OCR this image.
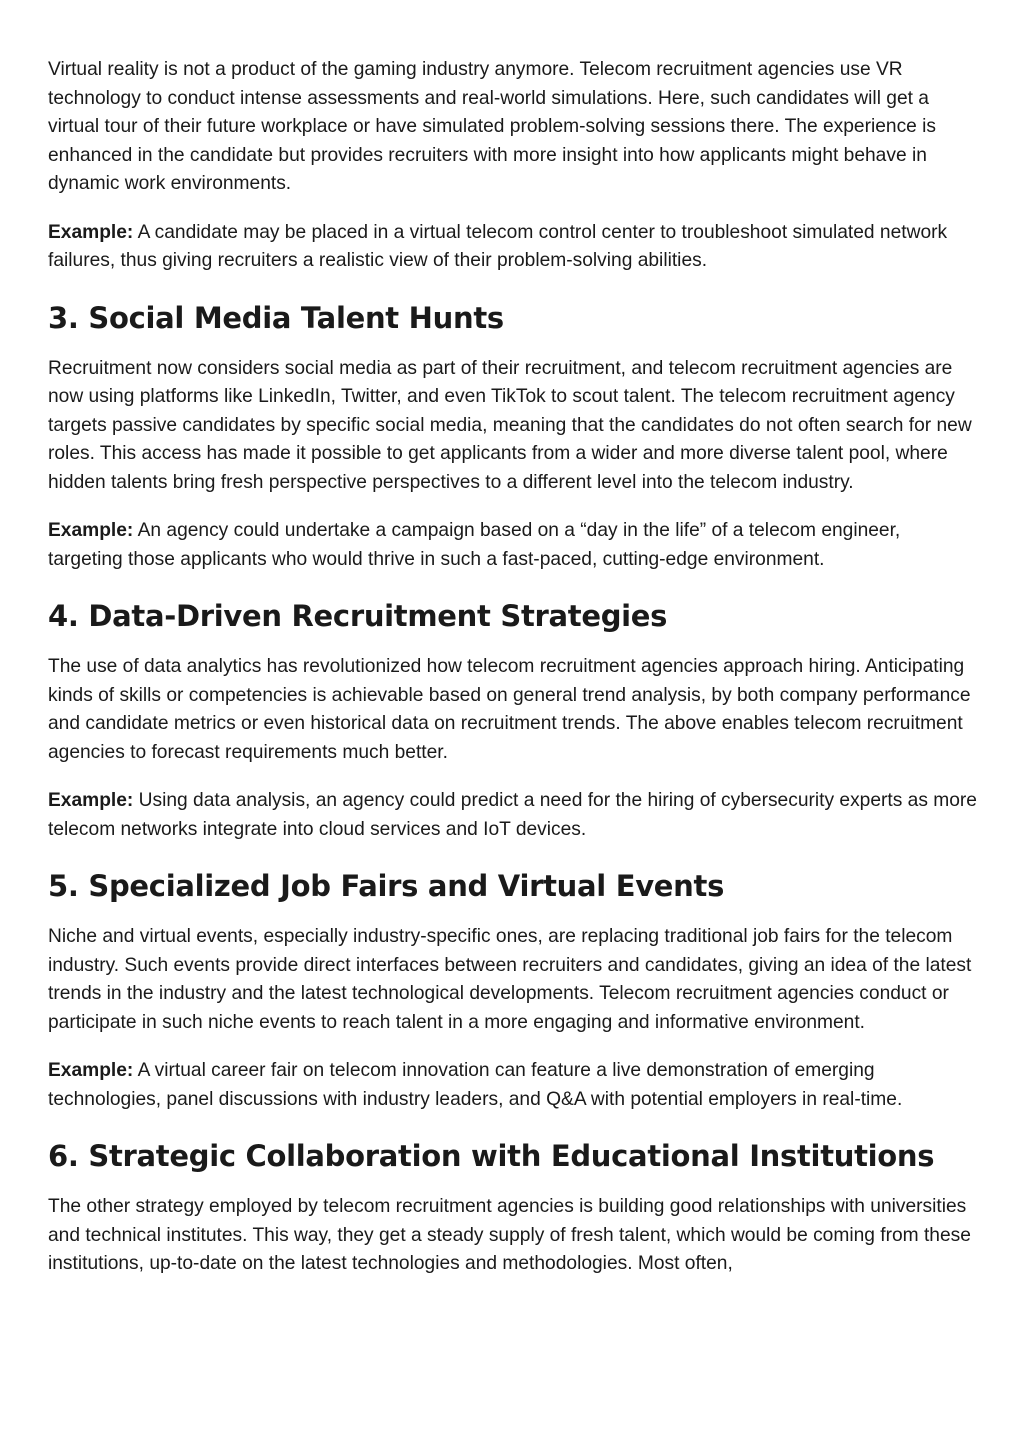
Virtual reality is not a product of the gaming industry anymore. Telecom recruitment agencies use VR technology to conduct intense assessments and real-world simulations. Here, such candidates will get a virtual tour of their future workplace or have simulated problem-solving sessions there. The experience is enhanced in the candidate but provides recruiters with more insight into how applicants might behave in dynamic work environments.

Example: A candidate may be placed in a virtual telecom control center to troubleshoot simulated network failures, thus giving recruiters a realistic view of their problem-solving abilities.

3. Social Media Talent Hunts

Recruitment now considers social media as part of their recruitment, and telecom recruitment agencies are now using platforms like LinkedIn, Twitter, and even TikTok to scout talent. The telecom recruitment agency targets passive candidates by specific social media, meaning that the candidates do not often search for new roles. This access has made it possible to get applicants from a wider and more diverse talent pool, where hidden talents bring fresh perspective perspectives to a different level into the telecom industry.

Example: An agency could undertake a campaign based on a “day in the life” of a telecom engineer, targeting those applicants who would thrive in such a fast-paced, cutting-edge environment.

4. Data-Driven Recruitment Strategies

The use of data analytics has revolutionized how telecom recruitment agencies approach hiring. Anticipating kinds of skills or competencies is achievable based on general trend analysis, by both company performance and candidate metrics or even historical data on recruitment trends. The above enables telecom recruitment agencies to forecast requirements much better.

Example: Using data analysis, an agency could predict a need for the hiring of cybersecurity experts as more telecom networks integrate into cloud services and IoT devices.

5. Specialized Job Fairs and Virtual Events

Niche and virtual events, especially industry-specific ones, are replacing traditional job fairs for the telecom industry. Such events provide direct interfaces between recruiters and candidates, giving an idea of the latest trends in the industry and the latest technological developments. Telecom recruitment agencies conduct or participate in such niche events to reach talent in a more engaging and informative environment.

Example: A virtual career fair on telecom innovation can feature a live demonstration of emerging technologies, panel discussions with industry leaders, and Q&A with potential employers in real-time.

6. Strategic Collaboration with Educational Institutions

The other strategy employed by telecom recruitment agencies is building good relationships with universities and technical institutes. This way, they get a steady supply of fresh talent, which would be coming from these institutions, up-to-date on the latest technologies and methodologies. Most often,
